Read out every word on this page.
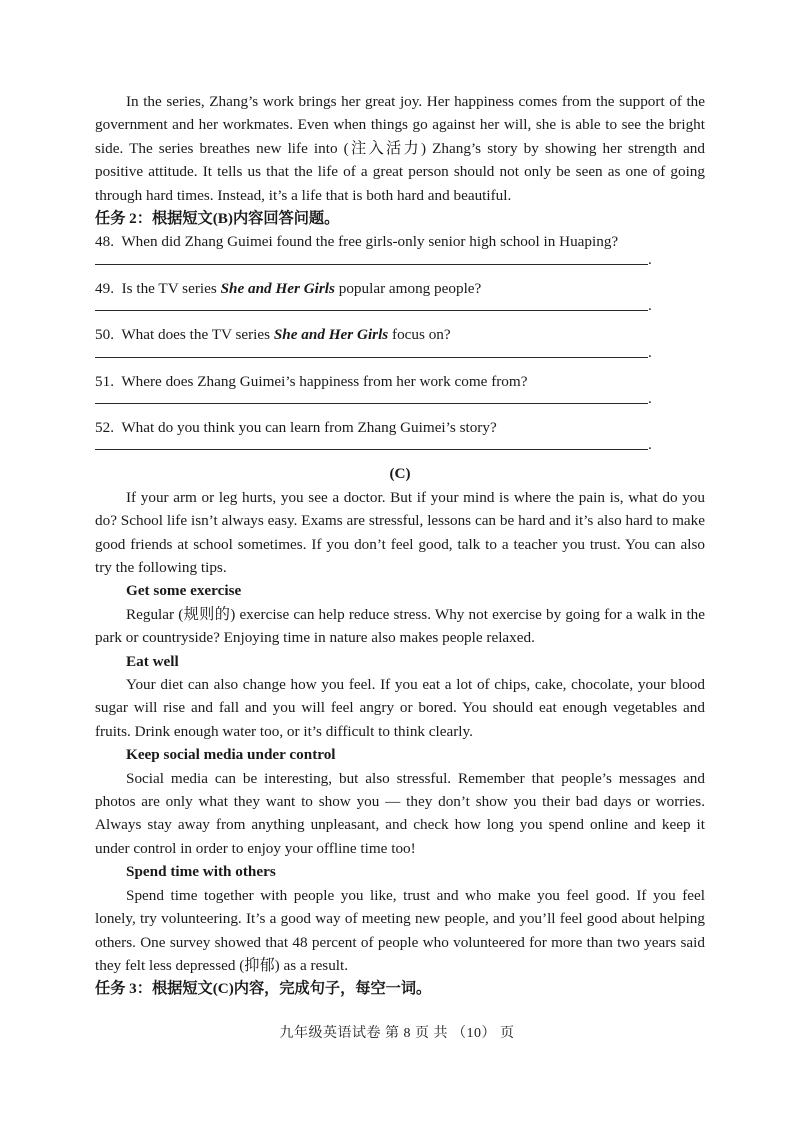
In the series, Zhang’s work brings her great joy. Her happiness comes from the support of the government and her workmates. Even when things go against her will, she is able to see the bright side. The series breathes new life into (注入活力) Zhang’s story by showing her strength and positive attitude. It tells us that the life of a great person should not only be seen as one of going through hard times. Instead, it’s a life that is both hard and beautiful.

任务 2：根据短文(B)内容回答问题。

48. When did Zhang Guimei found the free girls-only senior high school in Huaping?

.

49. Is the TV series She and Her Girls popular among people?

.

50. What does the TV series She and Her Girls focus on?

.

51. Where does Zhang Guimei’s happiness from her work come from?

.

52. What do you think you can learn from Zhang Guimei’s story?

.

(C)

If your arm or leg hurts, you see a doctor. But if your mind is where the pain is, what do you do? School life isn’t always easy. Exams are stressful, lessons can be hard and it’s also hard to make good friends at school sometimes. If you don’t feel good, talk to a teacher you trust. You can also try the following tips.

Get some exercise

Regular (规则的) exercise can help reduce stress. Why not exercise by going for a walk in the park or countryside? Enjoying time in nature also makes people relaxed.

Eat well

Your diet can also change how you feel. If you eat a lot of chips, cake, chocolate, your blood sugar will rise and fall and you will feel angry or bored. You should eat enough vegetables and fruits. Drink enough water too, or it’s difficult to think clearly.

Keep social media under control

Social media can be interesting, but also stressful. Remember that people’s messages and photos are only what they want to show you — they don’t show you their bad days or worries. Always stay away from anything unpleasant, and check how long you spend online and keep it under control in order to enjoy your offline time too!

Spend time with others

Spend time together with people you like, trust and who make you feel good. If you feel lonely, try volunteering. It’s a good way of meeting new people, and you’ll feel good about helping others. One survey showed that 48 percent of people who volunteered for more than two years said they felt less depressed (抑郁) as a result.

任务 3：根据短文(C)内容，完成句子，每空一词。

九年级英语试卷 第 8 页 共 （10） 页
